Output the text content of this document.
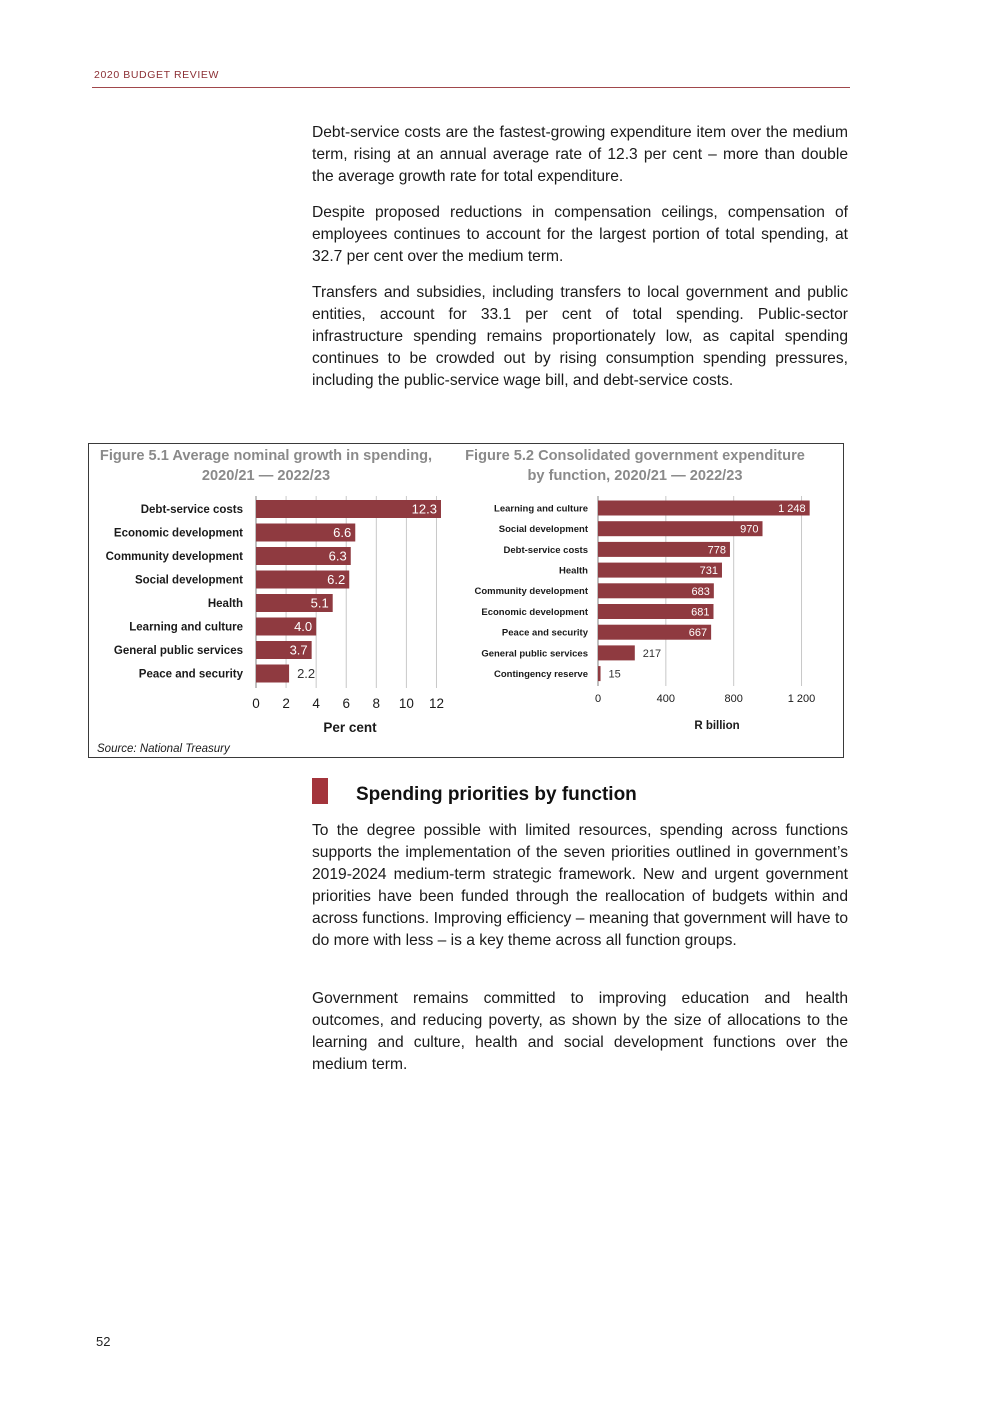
2020 BUDGET REVIEW

Debt-service costs are the fastest-growing expenditure item over the medium term, rising at an annual average rate of 12.3 per cent – more than double the average growth rate for total expenditure.

Despite proposed reductions in compensation ceilings, compensation of employees continues to account for the largest portion of total spending, at 32.7 per cent over the medium term.

Transfers and subsidies, including transfers to local government and public entities, account for 33.1 per cent of total spending. Public-sector infrastructure spending remains proportionately low, as capital spending continues to be crowded out by rising consumption spending pressures, including the public-service wage bill, and debt-service costs.

Figure 5.1 Average nominal growth in spending,
2020/21 — 2022/23
Figure 5.2 Consolidated government expenditure
by function, 2020/21 — 2022/23
Debt-service costs	12.3
Economic development	6.6
Community development	6.3
Social development	6.2
Health	5.1
Learning and culture	4.0
General public services	3.7
Peace and security	2.2
0 2 4 6 8 10 12
Per cent
Learning and culture	1 248
Social development	970
Debt-service costs	778
Health	731
Community development	683
Economic development	681
Peace and security	667
General public services	217
Contingency reserve 15
0	400	800	1 200
R billion
Source: National Treasury
Spending priorities by function

To the degree possible with limited resources, spending across functions supports the implementation of the seven priorities outlined in government’s 2019-2024 medium-term strategic framework. New and urgent government priorities have been funded through the reallocation of budgets within and across functions. Improving efficiency – meaning that government will have to do more with less – is a key theme across all function groups.

Government remains committed to improving education and health outcomes, and reducing poverty, as shown by the size of allocations to the learning and culture, health and social development functions over the medium term.

52
